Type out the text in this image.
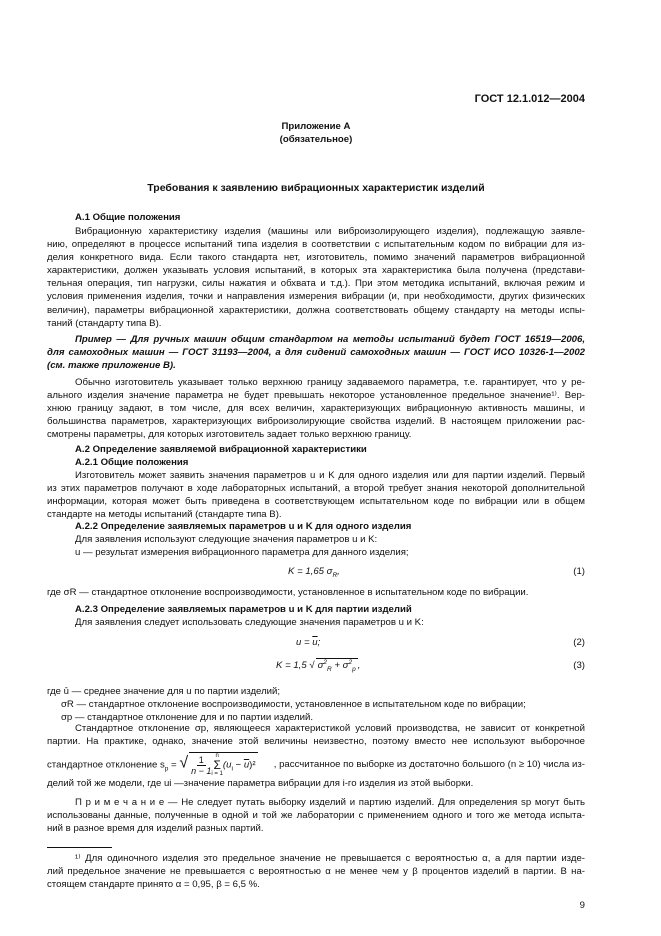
ГОСТ 12.1.012—2004
Приложение А
(обязательное)
Требования к заявлению вибрационных характеристик изделий
А.1 Общие положения
Вибрационную характеристику изделия (машины или виброизолирующего изделия), подлежащую заявле-
нию, определяют в процессе испытаний типа изделия в соответствии с испытательным кодом по вибрации для из-
делия конкретного вида. Если такого стандарта нет, изготовитель, помимо значений параметров вибрационной
характеристики, должен указывать условия испытаний, в которых эта характеристика была получена (представи-
тельная операция, тип нагрузки, силы нажатия и обхвата и т.д.). При этом методика испытаний, включая режим и
условия применения изделия, точки и направления измерения вибрации (и, при необходимости, других физических
величин), параметры вибрационной характеристики, должна соответствовать общему стандарту на методы испы-
таний (стандарту типа В).
Пример — Для ручных машин общим стандартом на методы испытаний будет ГОСТ 16519—2006,
для самоходных машин — ГОСТ 31193—2004, а для сидений самоходных машин — ГОСТ ИСО 10326-1—2002
(см. также приложение В).
Обычно изготовитель указывает только верхнюю границу задаваемого параметра, т.е. гарантирует, что у ре-
ального изделия значение параметра не будет превышать некоторое установленное предельное значение¹⁾. Вер-
хнюю границу задают, в том числе, для всех величин, характеризующих вибрационную активность машины, и
большинства параметров, характеризующих виброизолирующие свойства изделий. В настоящем приложении рас-
смотрены параметры, для которых изготовитель задает только верхнюю границу.
А.2 Определение заявляемой вибрационной характеристики
А.2.1 Общие положения
Изготовитель может заявить значения параметров u и K для одного изделия или для партии изделий. Первый
из этих параметров получают в ходе лабораторных испытаний, а второй требует знания некоторой дополнительной
информации, которая может быть приведена в соответствующем испытательном коде по вибрации или в общем
стандарте на методы испытаний (стандарте типа В).
А.2.2 Определение заявляемых параметров u и K для одного изделия
Для заявления используют следующие значения параметров u и K:
u — результат измерения вибрационного параметра для данного изделия;
K = 1,65 $\sigma_R$,	(1)
где σR — стандартное отклонение воспроизводимости, установленное в испытательном коде по вибрации.
А.2.3 Определение заявляемых параметров u и K для партии изделий
Для заявления следует использовать следующие значения параметров u и K:
$u = \overline{u}$;	(2)
K = 1,5 √ $\sigma^2_R + \sigma^2_p$ ,	(3)
где ū — среднее значение для u по партии изделий;
σR — стандартное отклонение воспроизводимости, установленное в испытательном коде по вибрации;
σp — стандартное отклонение для и по партии изделий.
Стандартное отклонение σp, являющееся характеристикой условий производства, не зависит от конкретной
партии. На практике, однако, значение этой величины неизвестно, поэтому вместо нее используют выборочное
стандартное отклонение $s_p$ = √ $\frac{1}{n - 1}$ n
Σ
i = 1
$(u_i - \overline{u})^2$ , рассчитанное по выборке из достаточно большого (n ≥ 10) числа из-
делий той же модели, где ui —значение параметра вибрации для i-го изделия из этой выборки.
П р и м е ч а н и е — Не следует путать выборку изделий и партию изделий. Для определения sp могут быть
использованы данные, полученные в одной и той же лаборатории с применением одного и того же метода испыта-
ний в разное время для изделий разных партий.
¹⁾ Для одиночного изделия это предельное значение не превышается с вероятностью α, а для партии изде-
лий предельное значение не превышается с вероятностью α не менее чем у β процентов изделий в партии. В на-
стоящем стандарте принято α = 0,95, β = 6,5 %.
9
